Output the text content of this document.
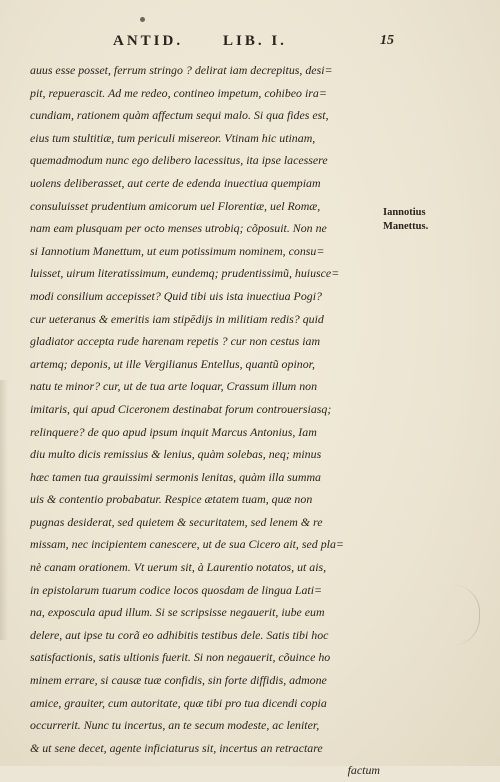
ANTID.	LIB. I.	15
auus esse posset, ferrum stringo ? delirat iam decrepitus, desi=
pit, repuerascit. Ad me redeo, contineo impetum, cohibeo ira=
cundiam, rationem quàm affectum sequi malo. Si qua fides est,
eius tum stultitiæ, tum periculi misereor. Vtinam hic utinam,
quemadmodum nunc ego delibero lacessitus, ita ipse lacessere
uolens deliberasset, aut certe de edenda inuectiua quempiam
consuluisset prudentium amicorum uel Florentiæ, uel Romæ,
nam eam plusquam per octo menses utrobiq; cõposuit. Non ne
si Iannotium Manettum, ut eum potissimum nominem, consu=
luisset, uirum literatissimum, eundemq; prudentissimũ, huiusce=
modi consilium accepisset? Quid tibi uis ista inuectiua Pogi?
cur ueteranus & emeritis iam stipēdijs in militiam redis? quid
gladiator accepta rude harenam repetis ? cur non cestus iam
artemq; deponis, ut ille Vergilianus Entellus, quantũ opinor,
natu te minor? cur, ut de tua arte loquar, Crassum illum non
imitaris, qui apud Ciceronem destinabat forum controuersiasq;
relinquere? de quo apud ipsum inquit Marcus Antonius, Iam
diu multo dicis remissius & lenius, quàm solebas, neq; minus
hæc tamen tua grauissimi sermonis lenitas, quàm illa summa
uis & contentio probabatur. Respice ætatem tuam, quæ non
pugnas desiderat, sed quietem & securitatem, sed lenem & re
missam, nec incipientem canescere, ut de sua Cicero ait, sed pla=
nè canam orationem. Vt uerum sit, à Laurentio notatos, ut ais,
in epistolarum tuarum codice locos quosdam de lingua Lati=
na, exposcula apud illum. Si se scripsisse negauerit, iube eum
delere, aut ipse tu corã eo adhibitis testibus dele. Satis tibi hoc
satisfactionis, satis ultionis fuerit. Si non negauerit, cõuince ho
minem errare, si causæ tuæ confidis, sin forte diffidis, admone
amice, grauiter, cum autoritate, quæ tibi pro tua dicendi copia
occurrerit. Nunc tu incertus, an te secum modeste, ac leniter,
& ut sene decet, agente inficiaturus sit, incertus an retractare
factum
Iannotius
Manettus.
